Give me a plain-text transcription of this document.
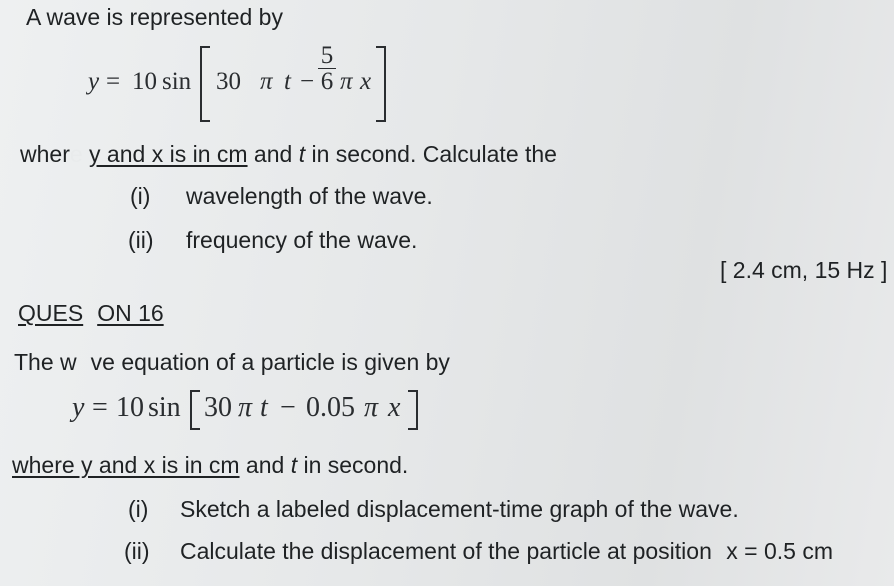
A wave is represented by
y = 10 sin 30 π t −
5
6 π x
where y and x is in cm and t in second. Calculate the
(i) wavelength of the wave.
(ii) frequency of the wave.
[ 2.4 cm, 15 Hz ]
QUES ON 16
The w ve equation of a particle is given by
y = 10 sin 30 π t − 0.05 π x
where y and x is in cm and t in second.
(i) Sketch a labeled displacement-time graph of the wave.
(ii) Calculate the displacement of the particle at position x = 0.5 cm
